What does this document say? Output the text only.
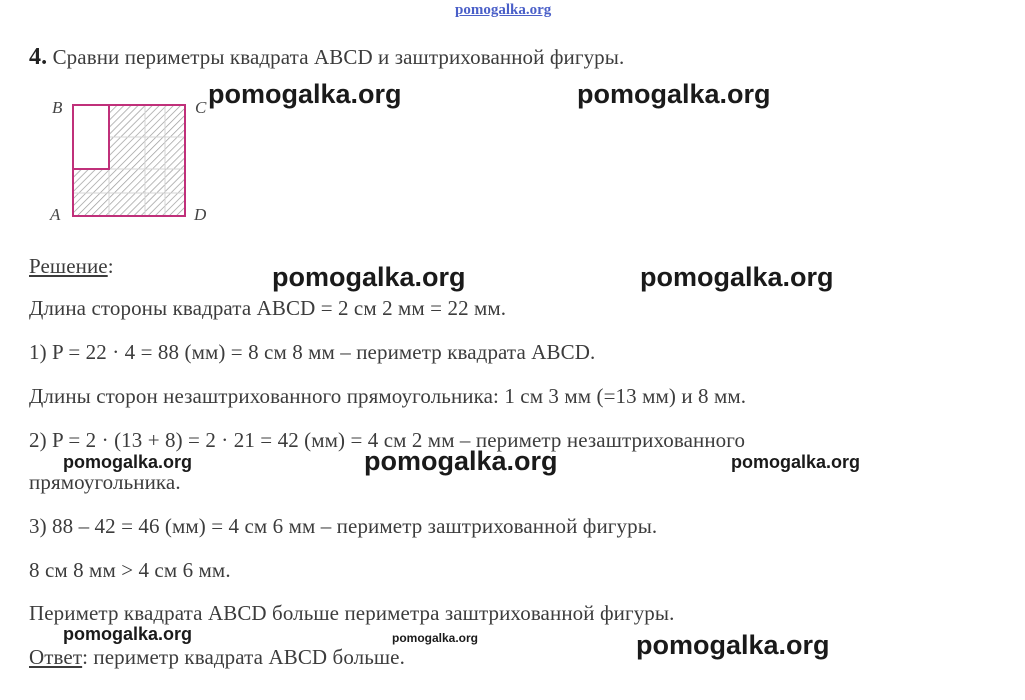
pomogalka.org
4. Сравни периметры квадрата ABCD и заштрихованной фигуры.
B	C
A	D
pomogalka.org	pomogalka.org
Решение:	pomogalka.org	pomogalka.org
Длина стороны квадрата ABCD = 2 см 2 мм = 22 мм.
1) P = 22 · 4 = 88 (мм) = 8 см 8 мм – периметр квадрата ABCD.
Длины сторон незаштрихованного прямоугольника: 1 см 3 мм (=13 мм) и 8 мм.
2) P = 2 · (13 + 8) = 2 · 21 = 42 (мм) = 4 см 2 мм – периметр незаштрихованного
pomogalka.org	pomogalka.org	pomogalka.org
прямоугольника.
3) 88 – 42 = 46 (мм) = 4 см 6 мм – периметр заштрихованной фигуры.
8 см 8 мм > 4 см 6 мм.
Периметр квадрата ABCD больше периметра заштрихованной фигуры.
pomogalka.org	pomogalka.org	pomogalka.org
Ответ: периметр квадрата ABCD больше.
